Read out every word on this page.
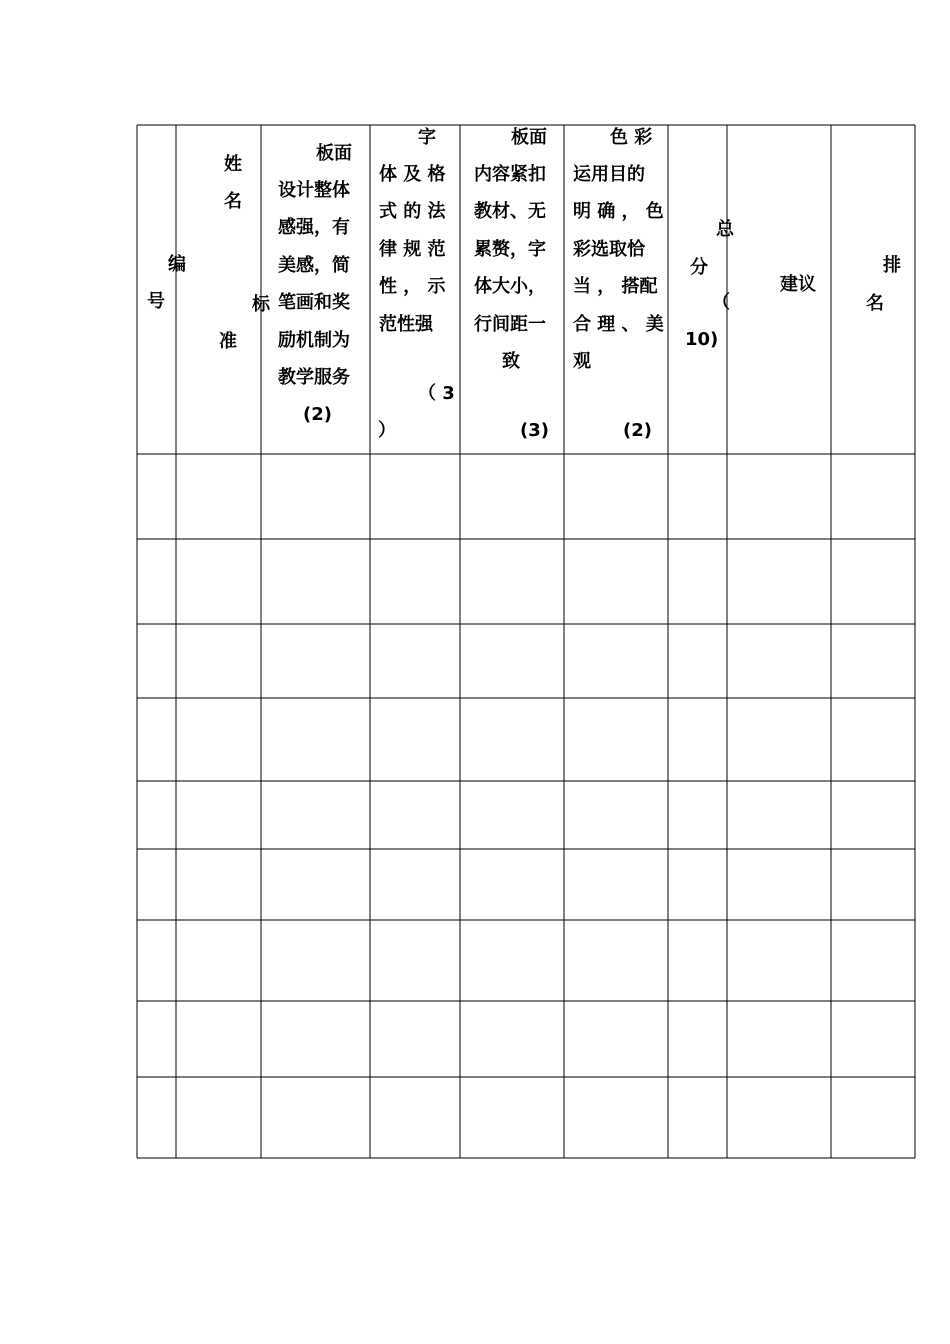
编
号
姓
名
标
准
板面
设计整体
感强，有
美感，简
笔画和奖
励机制为
教学服务
(2)
字
体 及 格
式 的 法
律 规 范
性 ， 示
范性强
（ 3
）
板面
内容紧扣
教材、无
累赘，字
体大小，
行间距一
致
(3)
色 彩
运用目的
明 确 ， 色
彩选取恰
当 ， 搭配
合 理 、 美
观
(2)
总
分
（
10)
建议
排
名
